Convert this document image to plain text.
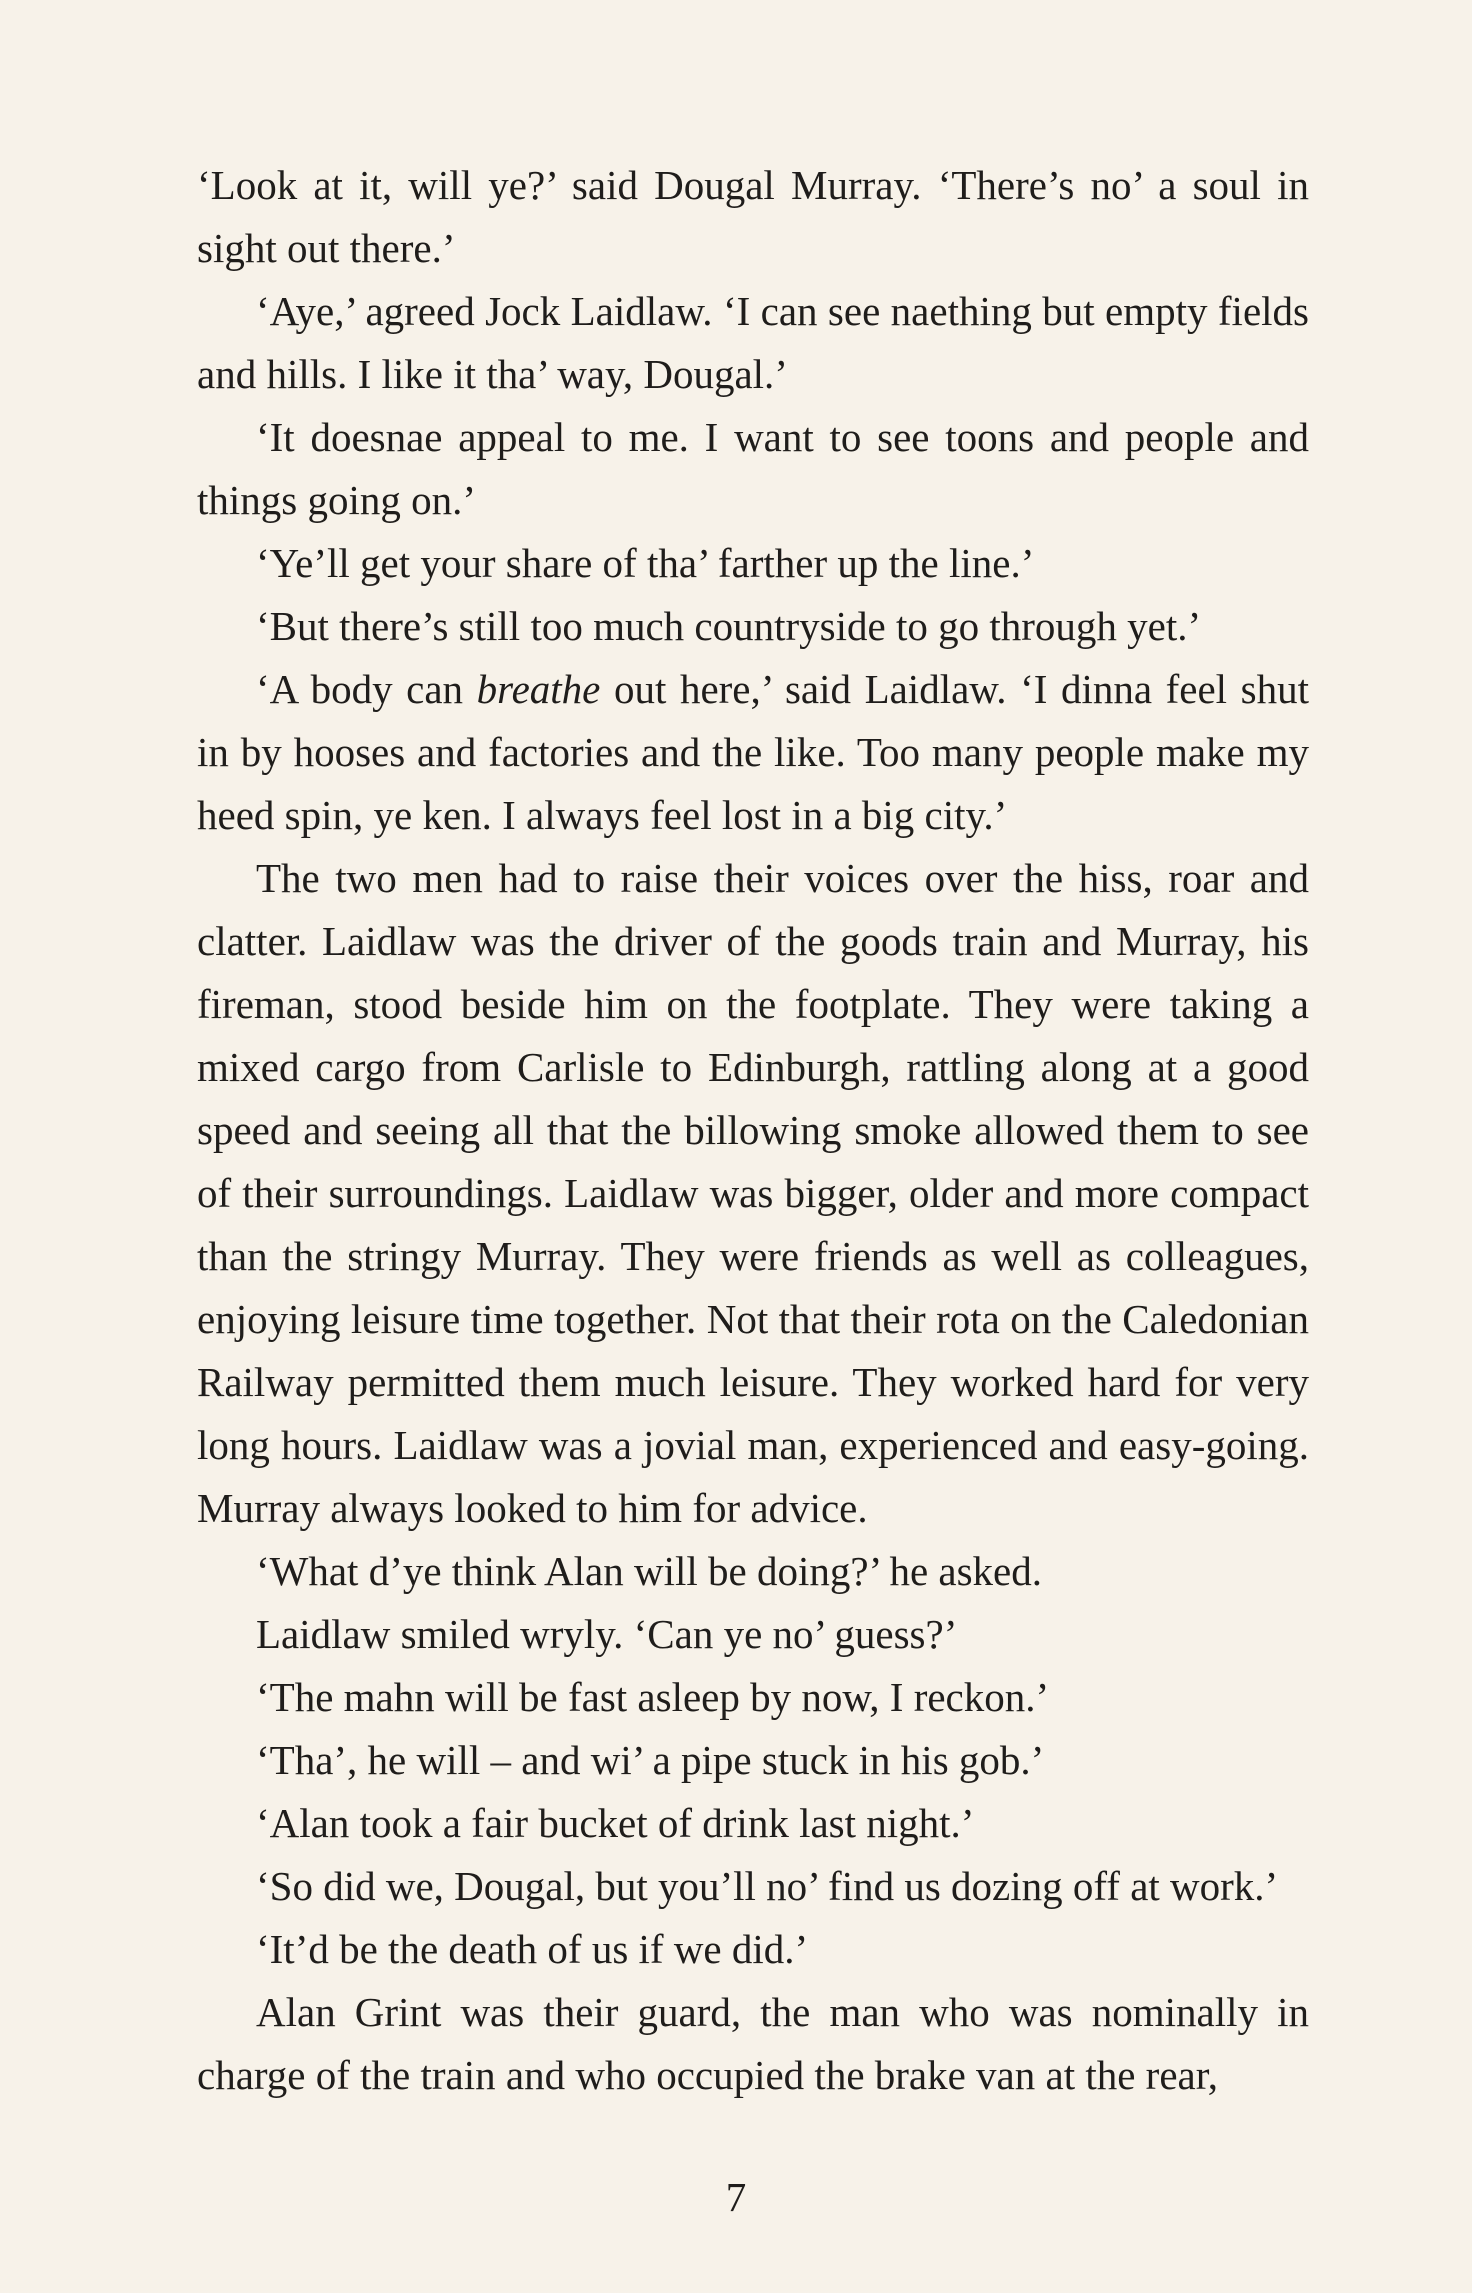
‘Look at it, will ye?’ said Dougal Murray. ‘There’s no’ a soul in sight out there.’

‘Aye,’ agreed Jock Laidlaw. ‘I can see naething but empty fields and hills. I like it tha’ way, Dougal.’

‘It doesnae appeal to me. I want to see toons and people and things going on.’

‘Ye’ll get your share of tha’ farther up the line.’

‘But there’s still too much countryside to go through yet.’

‘A body can breathe out here,’ said Laidlaw. ‘I dinna feel shut in by hooses and factories and the like. Too many people make my heed spin, ye ken. I always feel lost in a big city.’

The two men had to raise their voices over the hiss, roar and clatter. Laidlaw was the driver of the goods train and Murray, his fireman, stood beside him on the footplate. They were taking a mixed cargo from Carlisle to Edinburgh, rattling along at a good speed and seeing all that the billowing smoke allowed them to see of their surroundings. Laidlaw was bigger, older and more compact than the stringy Murray. They were friends as well as colleagues, enjoying leisure time together. Not that their rota on the Caledonian Railway permitted them much leisure. They worked hard for very long hours. Laidlaw was a jovial man, experienced and easy-going. Murray always looked to him for advice.

‘What d’ye think Alan will be doing?’ he asked.

Laidlaw smiled wryly. ‘Can ye no’ guess?’

‘The mahn will be fast asleep by now, I reckon.’

‘Tha’, he will – and wi’ a pipe stuck in his gob.’

‘Alan took a fair bucket of drink last night.’

‘So did we, Dougal, but you’ll no’ find us dozing off at work.’

‘It’d be the death of us if we did.’

Alan Grint was their guard, the man who was nominally in charge of the train and who occupied the brake van at the rear,

7
